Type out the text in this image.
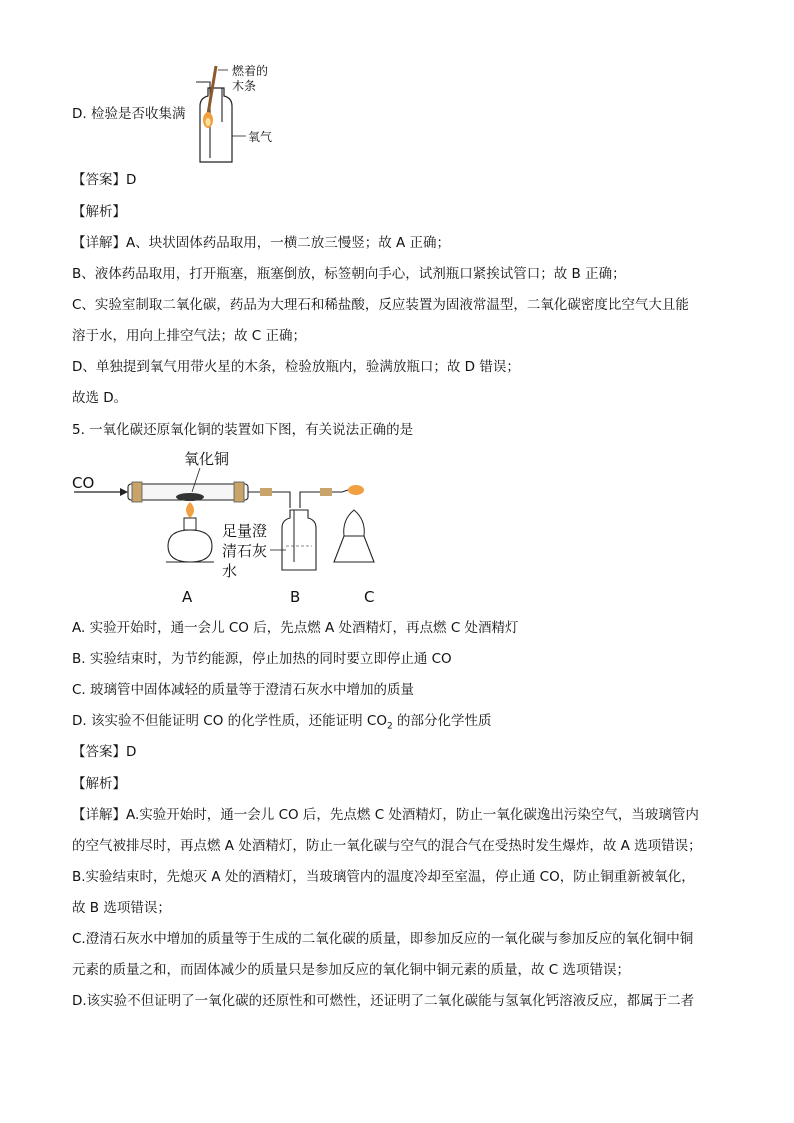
D. 检验是否收集满
燃着的
木条
氧气
【答案】D
【解析】
【详解】A、块状固体药品取用，一横二放三慢竖；故 A 正确；
B、液体药品取用，打开瓶塞，瓶塞倒放，标签朝向手心，试剂瓶口紧挨试管口；故 B 正确；
C、实验室制取二氧化碳，药品为大理石和稀盐酸，反应装置为固液常温型，二氧化碳密度比空气大且能
溶于水，用向上排空气法；故 C 正确；
D、单独提到氧气用带火星的木条，检验放瓶内，验满放瓶口；故 D 错误；
故选 D。
5. 一氧化碳还原氧化铜的装置如下图，有关说法正确的是
CO
氧化铜
足量澄
清石灰
水
A	B	C
A. 实验开始时，通一会儿 CO 后，先点燃 A 处酒精灯，再点燃 C 处酒精灯
B. 实验结束时，为节约能源，停止加热的同时要立即停止通 CO
C. 玻璃管中固体减轻的质量等于澄清石灰水中增加的质量
D. 该实验不但能证明 CO 的化学性质，还能证明 $CO_2$ 的部分化学性质
【答案】D
【解析】
【详解】A.实验开始时，通一会儿 CO 后，先点燃 C 处酒精灯，防止一氧化碳逸出污染空气，当玻璃管内
的空气被排尽时，再点燃 A 处酒精灯，防止一氧化碳与空气的混合气在受热时发生爆炸，故 A 选项错误；
B.实验结束时，先熄灭 A 处的酒精灯，当玻璃管内的温度冷却至室温，停止通 CO，防止铜重新被氧化，
故 B 选项错误；
C.澄清石灰水中增加的质量等于生成的二氧化碳的质量，即参加反应的一氧化碳与参加反应的氧化铜中铜
元素的质量之和，而固体减少的质量只是参加反应的氧化铜中铜元素的质量，故 C 选项错误；
D.该实验不但证明了一氧化碳的还原性和可燃性，还证明了二氧化碳能与氢氧化钙溶液反应，都属于二者
